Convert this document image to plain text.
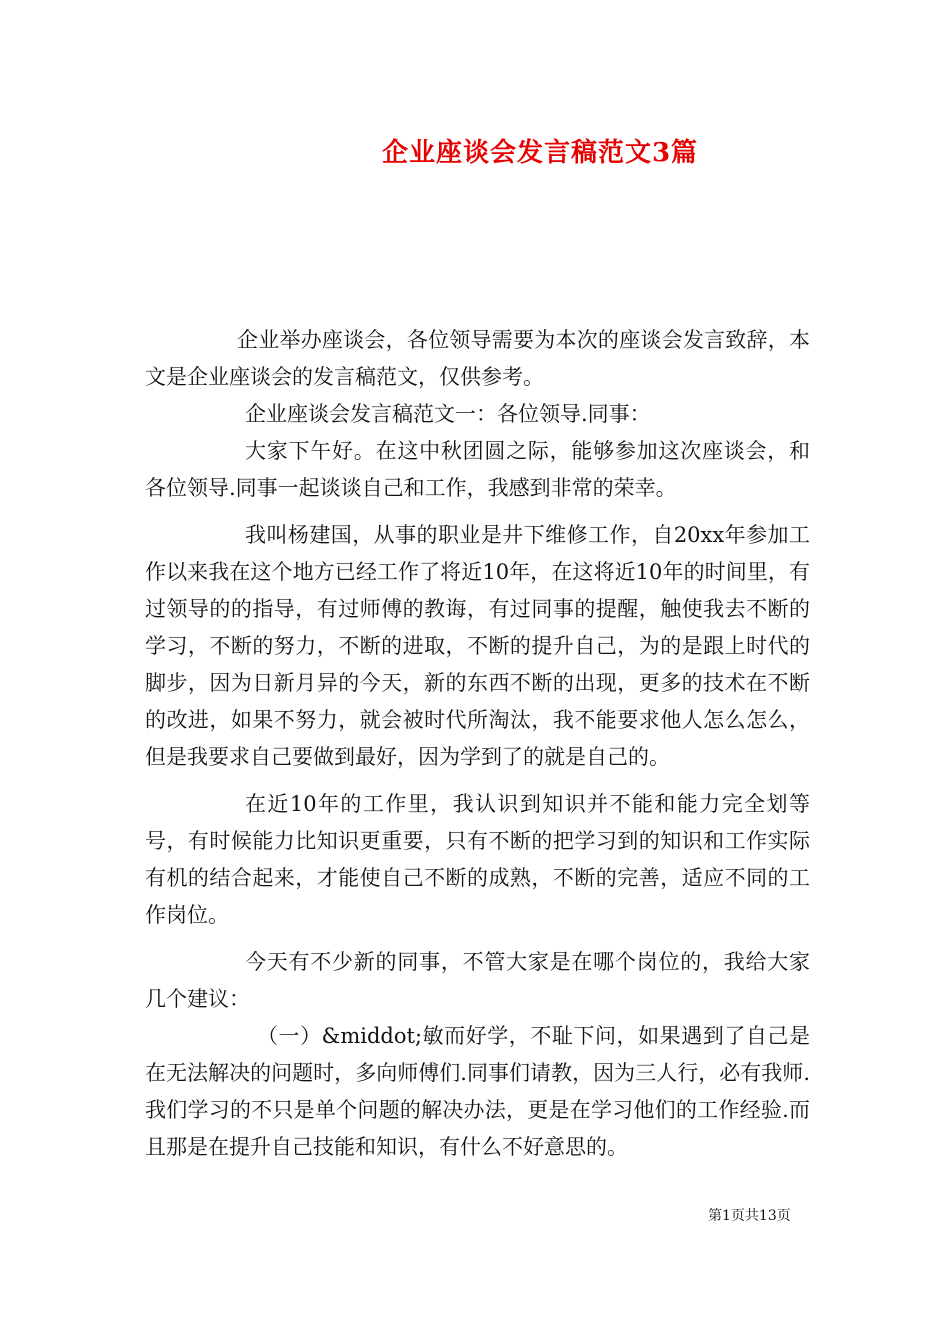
企业座谈会发言稿范文3篇

企业举办座谈会，各位领导需要为本次的座谈会发言致辞，本文是企业座谈会的发言稿范文，仅供参考。

企业座谈会发言稿范文一：各位领导.同事：

大家下午好。在这中秋团圆之际，能够参加这次座谈会，和各位领导.同事一起谈谈自己和工作，我感到非常的荣幸。

我叫杨建国，从事的职业是井下维修工作，自20xx年参加工作以来我在这个地方已经工作了将近10年，在这将近10年的时间里，有过领导的的指导，有过师傅的教诲，有过同事的提醒，触使我去不断的学习，不断的努力，不断的进取，不断的提升自己，为的是跟上时代的脚步，因为日新月异的今天，新的东西不断的出现，更多的技术在不断的改进，如果不努力，就会被时代所淘汰，我不能要求他人怎么怎么，但是我要求自己要做到最好，因为学到了的就是自己的。

在近10年的工作里，我认识到知识并不能和能力完全划等号，有时候能力比知识更重要，只有不断的把学习到的知识和工作实际有机的结合起来，才能使自己不断的成熟，不断的完善，适应不同的工作岗位。

今天有不少新的同事，不管大家是在哪个岗位的，我给大家几个建议：

（一）&middot;敏而好学，不耻下问，如果遇到了自己是在无法解决的问题时，多向师傅们.同事们请教，因为三人行，必有我师.我们学习的不只是单个问题的解决办法，更是在学习他们的工作经验.而且那是在提升自己技能和知识，有什么不好意思的。

第1页共13页
